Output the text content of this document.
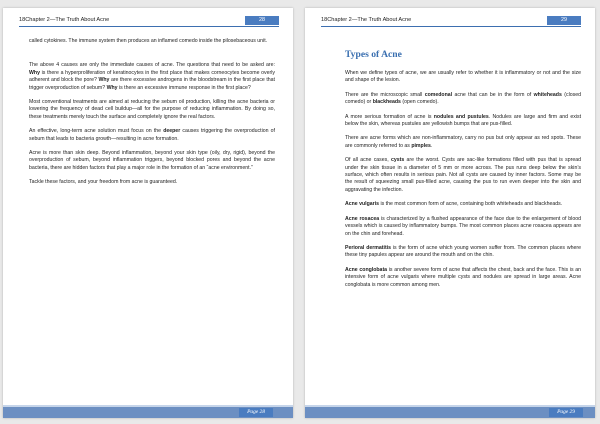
18Chapter 2—The Truth About Acne	28

called cytokines. The immune system then produces an inflamed comedo inside the pilosebaceous unit.

The above 4 causes are only the immediate causes of acne. The questions that need to be asked are: Why is there a hyperproliferation of keratinocytes in the first place that makes corneocytes become overly adherent and block the pore? Why are there excessive androgens in the bloodstream in the first place that trigger overproduction of sebum? Why is there an excessive immune response in the first place?

Most conventional treatments are aimed at reducing the sebum oil production, killing the acne bacteria or lowering the frequency of dead cell buildup—all for the purpose of reducing inflammation. By doing so, these treatments merely touch the surface and completely ignore the real factors.

An effective, long-term acne solution must focus on the deeper causes triggering the overproduction of sebum that leads to bacteria growth—resulting in acne formation.

Acne is more than skin deep. Beyond inflammation, beyond your skin type (oily, dry, rigid), beyond the overproduction of sebum, beyond inflammation triggers, beyond blocked pores and beyond the acne bacteria, there are hidden factors that play a major role in the formation of an “acne environment.”

Tackle these factors, and your freedom from acne is guaranteed.

Page 28
18Chapter 2—The Truth About Acne	29
Types of Acne

When we define types of acne, we are usually refer to whether it is inflammatory or not and the size and shape of the lesion.

There are the microscopic small comedonal acne that can be in the form of whiteheads (closed comedo) or blackheads (open comedo).

A more serious formation of acne is nodules and pustules. Nodules are large and firm and exist below the skin, whereas pustules are yellowish bumps that are pus-filled.

There are acne forms which are non-inflammatory, carry no pus but only appear as red spots. These are commonly referred to as pimples.

Of all acne cases, cysts are the worst. Cysts are sac-like formations filled with pus that is spread under the skin tissue in a diameter of 5 mm or more across. The pus runs deep below the skin’s surface, which often results in serious pain. Not all cysts are caused by inner factors. Some may be the result of squeezing small pus-filled acne, causing the pus to run even deeper into the skin and aggravating the infection.

Acne vulgaris is the most common form of acne, containing both whiteheads and blackheads.

Acne rosacea is characterized by a flushed appearance of the face due to the enlargement of blood vessels which is caused by inflammatory bumps. The most common places acne rosacea appears are on the chin and forehead.

Perioral dermatitis is the form of acne which young women suffer from. The common places where these tiny papules appear are around the mouth and on the chin.

Acne conglobata is another severe form of acne that affects the chest, back and the face. This is an intensive form of acne vulgaris where multiple cysts and nodules are spread in large areas. Acne conglobata is more common among men.

Page 29
